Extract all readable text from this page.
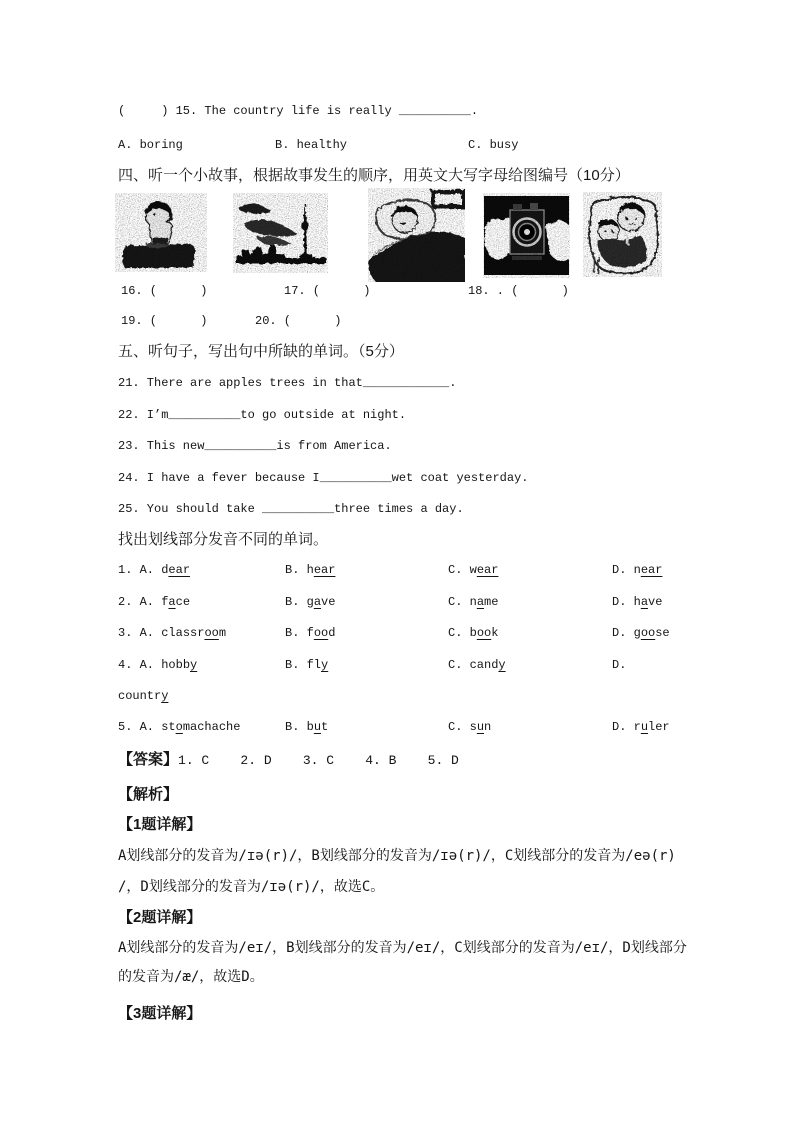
(     ) 15. The country life is really __________.
A. boring	B. healthy	C. busy
四、听一个小故事，根据故事发生的顺序，用英文大写字母给图编号（10分）
16. (      )	17. (      )	18. . (      )
19. (      )	20. (      )
五、听句子，写出句中所缺的单词。（5分）
21. There are apples trees in that____________.
22. I’m__________to go outside at night.
23. This new__________is from America.
24. I have a fever because I__________wet coat yesterday.
25. You should take __________three times a day.
找出划线部分发音不同的单词。
1. A. dear	B. hear	C. wear	D. near
2. A. face	B. gave	C. name	D. have
3. A. classroom	B. food	C. book	D. goose
4. A. hobby	B. fly	C. candy	D.
country
5. A. stomachache	B. but	C. sun	D. ruler
【答案】1. C    2. D    3. C    4. B    5. D
【解析】
【1题详解】
A划线部分的发音为/ɪə(r)/，B划线部分的发音为/ɪə(r)/，C划线部分的发音为/eə(r)
/，D划线部分的发音为/ɪə(r)/，故选C。
【2题详解】
A划线部分的发音为/eɪ/，B划线部分的发音为/eɪ/，C划线部分的发音为/eɪ/，D划线部分
的发音为/æ/，故选D。
【3题详解】
